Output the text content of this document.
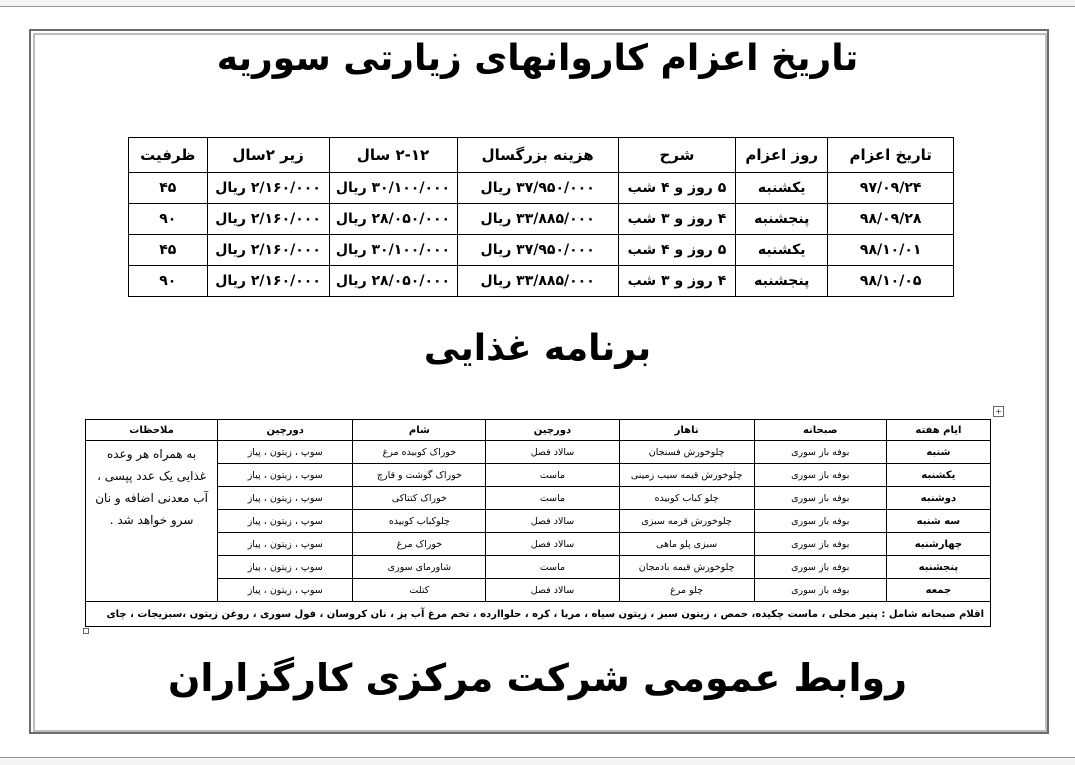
تاریخ اعزام کاروانهای زیارتی سوریه
تاریخ اعزام	روز اعزام	شرح	هزینه بزرگسال	۲-۱۲ سال	زیر ۲سال	ظرفیت
۹۷/۰۹/۲۴	یکشنبه	۵ روز و ۴ شب	۳۷/۹۵۰/۰۰۰ ریال	۳۰/۱۰۰/۰۰۰ ریال	۲/۱۶۰/۰۰۰ ریال	۴۵
۹۸/۰۹/۲۸	پنجشنبه	۴ روز و ۳ شب	۳۳/۸۸۵/۰۰۰ ریال	۲۸/۰۵۰/۰۰۰ ریال	۲/۱۶۰/۰۰۰ ریال	۹۰
۹۸/۱۰/۰۱	یکشنبه	۵ روز و ۴ شب	۳۷/۹۵۰/۰۰۰ ریال	۳۰/۱۰۰/۰۰۰ ریال	۲/۱۶۰/۰۰۰ ریال	۴۵
۹۸/۱۰/۰۵	پنجشنبه	۴ روز و ۳ شب	۳۳/۸۸۵/۰۰۰ ریال	۲۸/۰۵۰/۰۰۰ ریال	۲/۱۶۰/۰۰۰ ریال	۹۰
برنامه غذایی
+
ایام هفته	صبحانه	ناهار	دورچین	شام	دورچین	ملاحظات
شنبه	بوفه باز سوری	چلوخورش فسنجان	سالاد فصل	خوراک کوبیده مرغ	سوپ ، زیتون ، پیاز	به همراه هر وعده غذایی یک عدد پپسی ، آب معدنی اضافه و نان سرو خواهد شد .
یکشنبه	بوفه باز سوری	چلوخورش قیمه سیب زمینی	ماست	خوراک گوشت و قارچ	سوپ ، زیتون ، پیاز	
دوشنبه	بوفه باز سوری	چلو کباب کوبیده	ماست	خوراک کتتاکی	سوپ ، زیتون ، پیاز	
سه شنبه	بوفه باز سوری	چلوخورش قرمه سبزی	سالاد فصل	چلوکباب کوبیده	سوپ ، زیتون ، پیاز	
چهارشنبه	بوفه باز سوری	سبزی پلو ماهی	سالاد فصل	خوراک مرغ	سوپ ، زیتون ، پیاز	
پنجشنبه	بوفه باز سوری	چلوخورش قیمه بادمجان	ماست	شاورمای سوری	سوپ ، زیتون ، پیاز	
جمعه	بوفه باز سوری	چلو مرغ	سالاد فصل	کتلت	سوپ ، زیتون ، پیاز	
اقلام صبحانه شامل : پنیر محلی ، ماست چکیده، حمص ، زیتون سبز ، زیتون سیاه ، مربا ، کره ، حلواارده ، تخم مرغ آب پز ، نان کروسان ، فول سوری ، روغن زیتون ،سبزیجات ، چای						
روابط عمومی شرکت مرکزی کارگزاران
